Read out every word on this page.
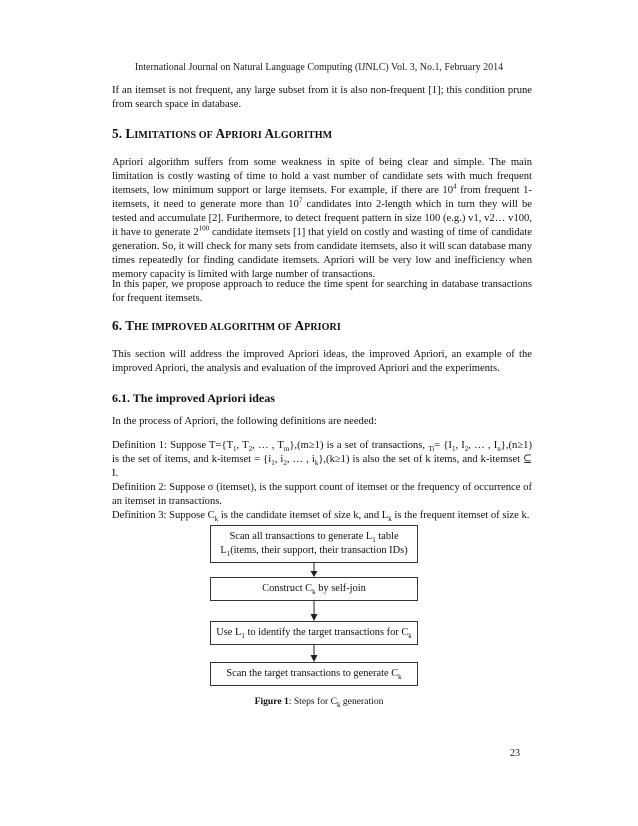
International Journal on Natural Language Computing (IJNLC) Vol. 3, No.1, February 2014

If an itemset is not frequent, any large subset from it is also non-frequent [1]; this condition prune from search space in database.

5. LIMITATIONS OF APRIORI ALGORITHM

Apriori algorithm suffers from some weakness in spite of being clear and simple. The main limitation is costly wasting of time to hold a vast number of candidate sets with much frequent itemsets, low minimum support or large itemsets. For example, if there are $10^4$ from frequent 1-itemsets, it need to generate more than $10^7$ candidates into 2-length which in turn they will be tested and accumulate [2]. Furthermore, to detect frequent pattern in size 100 (e.g.) v1, v2… v100, it have to generate $2^{100}$ candidate itemsets [1] that yield on costly and wasting of time of candidate generation. So, it will check for many sets from candidate itemsets, also it will scan database many times repeatedly for finding candidate itemsets. Apriori will be very low and inefficiency when memory capacity is limited with large number of transactions.

In this paper, we propose approach to reduce the time spent for searching in database transactions for frequent itemsets.

6. THE IMPROVED ALGORITHM OF APRIORI

This section will address the improved Apriori ideas, the improved Apriori, an example of the improved Apriori, the analysis and evaluation of the improved Apriori and the experiments.

6.1. The improved Apriori ideas

In the process of Apriori, the following definitions are needed:

Definition 1: Suppose $T=\{T_1$, $T_2$, … , $T_m\},(m\ge 1)$ is a set of transactions, $_{Ti}= \{I_1$, $I_2$, … , $I_n\},(n\ge 1)$ is the set of items, and k-itemset = {$i_1$, $i_2$, … , $i_k\},(k\ge 1)$ is also the set of k items, and k-itemset ⊆ I.

Definition 2: Suppose σ (itemset), is the support count of itemset or the frequency of occurrence of an itemset in transactions.

Definition 3: Suppose $C_k$ is the candidate itemset of size k, and $L_k$ is the frequent itemset of size k.

Scan all transactions to generate $L_1$ table
$L_1(items$, their support, their transaction IDs)
Construct $C_k$ by self-join
Use $L_1$ to identify the target transactions for $C_k$
Scan the target transactions to generate $C_k$
Figure 1: Steps for $C_k$ generation
23
